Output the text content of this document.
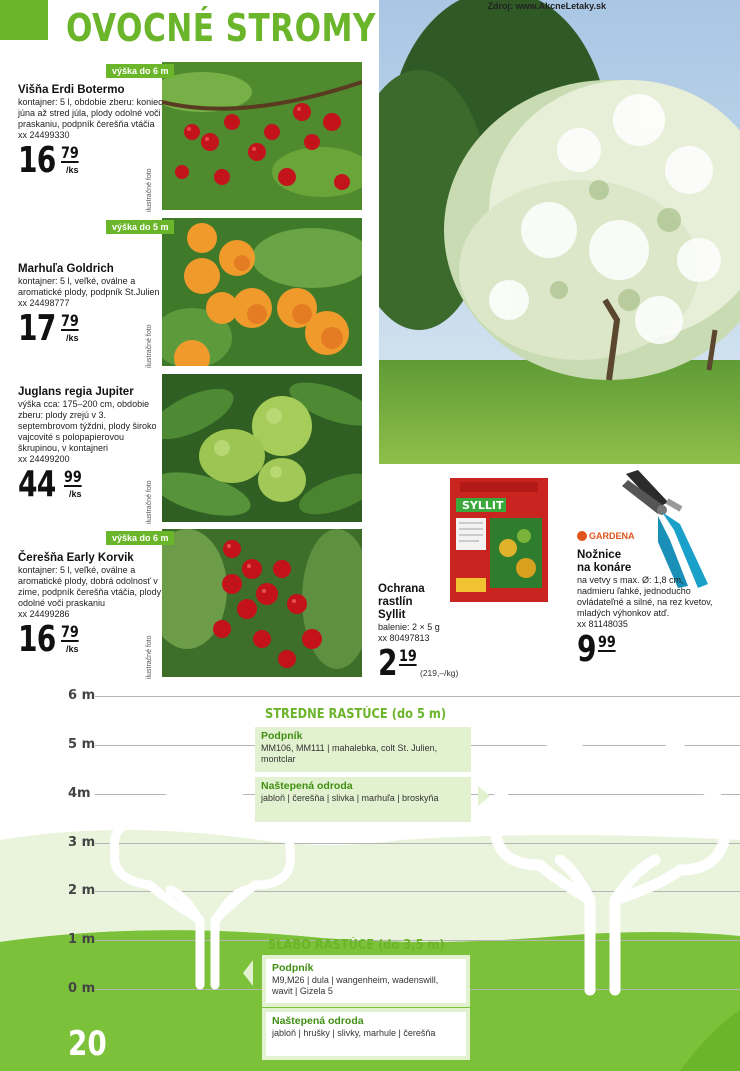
OVOCNÉ STROMY	Zdroj: www.AkcneLetaky.sk
výška do 6 m
ilustračné foto
Višňa Erdi Botermo
kontajner: 5 l, obdobie zberu: koniec júna až stred júla, plody odolné voči praskaniu, podpník čerešňa vtáčia
xx 24499330
16 79
/ks
výška do 5 m
ilustračné foto
Marhuľa Goldrich
kontajner: 5 l, veľké, oválne a aromatické plody, podpník St.Julien
xx 24498777
17 79
/ks
ilustračné foto
Juglans regia Jupiter
výška cca: 175–200 cm, obdobie zberu: plody zrejú v 3. septembrovom týždni, plody široko vajcovité s polopapierovou škrupinou, v kontajneri
xx 24499200
44 99
/ks
výška do 6 m
ilustračné foto
Čerešňa Early Korvik
kontajner: 5 l, veľké, oválne a aromatické plody, dobrá odolnosť v zime, podpník čerešňa vtáčia, plody odolné voči praskaniu
xx 24499286
16 79
/ks
SYLLIT
Ochrana
rastlín
Syllit
balenie: 2 × 5 g
xx 80497813
2 19
(219,–/kg)
GARDENA
Nožnice
na konáre
na vetvy s max. Ø: 1,8 cm, nadmieru ľahké, jednoducho ovládateľné a silné, na rez kvetov, mladých výhonkov atď.
xx 81148035
9 99
6 m
5 m
4m
3 m
2 m
1 m
0 m
STREDNE RASTÚCE (do 5 m)
Podpník
MM106, MM111 | mahalebka, colt St. Julien, montclar
Naštepená odroda
jabloň | čerešňa | slivka | marhuľa | broskyňa
SLABO RASTÚCE (do 3,5 m)
Podpník
M9,M26 | dula | wangenheim, wadenswill, wavit | Gizela 5
Naštepená odroda
jabloň | hrušky | slivky, marhule | čerešňa
20
